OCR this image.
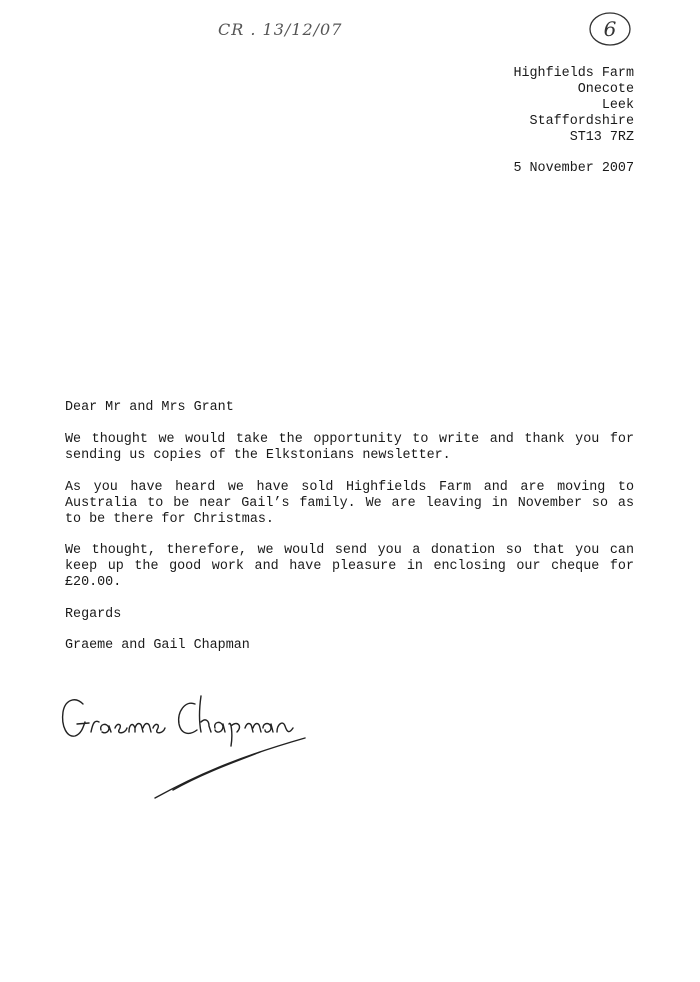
CR . 13/12/07	6
Highfields Farm
Onecote
Leek
Staffordshire
ST13 7RZ
5 November 2007
Dear Mr and Mrs Grant
We thought we would take the opportunity to write and thank you for sending us copies of the Elkstonians newsletter.
As you have heard we have sold Highfields Farm and are moving to Australia to be near Gail’s family. We are leaving in November so as to be there for Christmas.
We thought, therefore, we would send you a donation so that you can keep up the good work and have pleasure in enclosing our cheque for £20.00.
Regards
Graeme and Gail Chapman
